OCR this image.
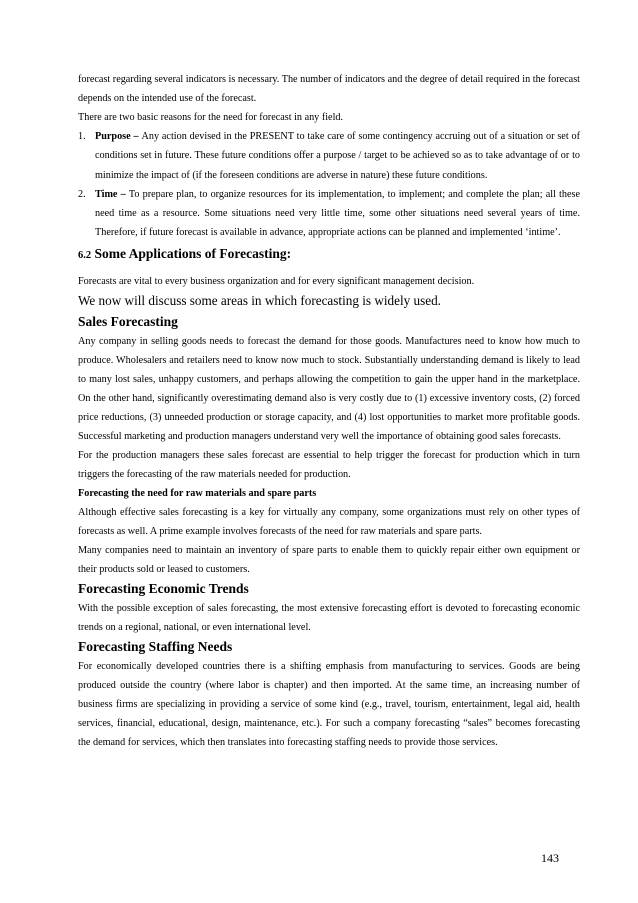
forecast regarding several indicators is necessary. The number of indicators and the degree of detail required in the forecast depends on the intended use of the forecast.

There are two basic reasons for the need for forecast in any field.

1. Purpose – Any action devised in the PRESENT to take care of some contingency accruing out of a situation or set of conditions set in future. These future conditions offer a purpose / target to be achieved so as to take advantage of or to minimize the impact of (if the foreseen conditions are adverse in nature) these future conditions.
2. Time – To prepare plan, to organize resources for its implementation, to implement; and complete the plan; all these need time as a resource. Some situations need very little time, some other situations need several years of time. Therefore, if future forecast is available in advance, appropriate actions can be planned and implemented ‘intime’.
6.2 Some Applications of Forecasting:

Forecasts are vital to every business organization and for every significant management decision.

We now will discuss some areas in which forecasting is widely used.

Sales Forecasting

Any company in selling goods needs to forecast the demand for those goods. Manufactures need to know how much to produce. Wholesalers and retailers need to know now much to stock. Substantially understanding demand is likely to lead to many lost sales, unhappy customers, and perhaps allowing the competition to gain the upper hand in the marketplace. On the other hand, significantly overestimating demand also is very costly due to (1) excessive inventory costs, (2) forced price reductions, (3) unneeded production or storage capacity, and (4) lost opportunities to market more profitable goods. Successful marketing and production managers understand very well the importance of obtaining good sales forecasts.

For the production managers these sales forecast are essential to help trigger the forecast for production which in turn triggers the forecasting of the raw materials needed for production.

Forecasting the need for raw materials and spare parts

Although effective sales forecasting is a key for virtually any company, some organizations must rely on other types of forecasts as well. A prime example involves forecasts of the need for raw materials and spare parts.

Many companies need to maintain an inventory of spare parts to enable them to quickly repair either own equipment or their products sold or leased to customers.

Forecasting Economic Trends

With the possible exception of sales forecasting, the most extensive forecasting effort is devoted to forecasting economic trends on a regional, national, or even international level.

Forecasting Staffing Needs

For economically developed countries there is a shifting emphasis from manufacturing to services. Goods are being produced outside the country (where labor is chapter) and then imported. At the same time, an increasing number of business firms are specializing in providing a service of some kind (e.g., travel, tourism, entertainment, legal aid, health services, financial, educational, design, maintenance, etc.). For such a company forecasting “sales” becomes forecasting the demand for services, which then translates into forecasting staffing needs to provide those services.

143
